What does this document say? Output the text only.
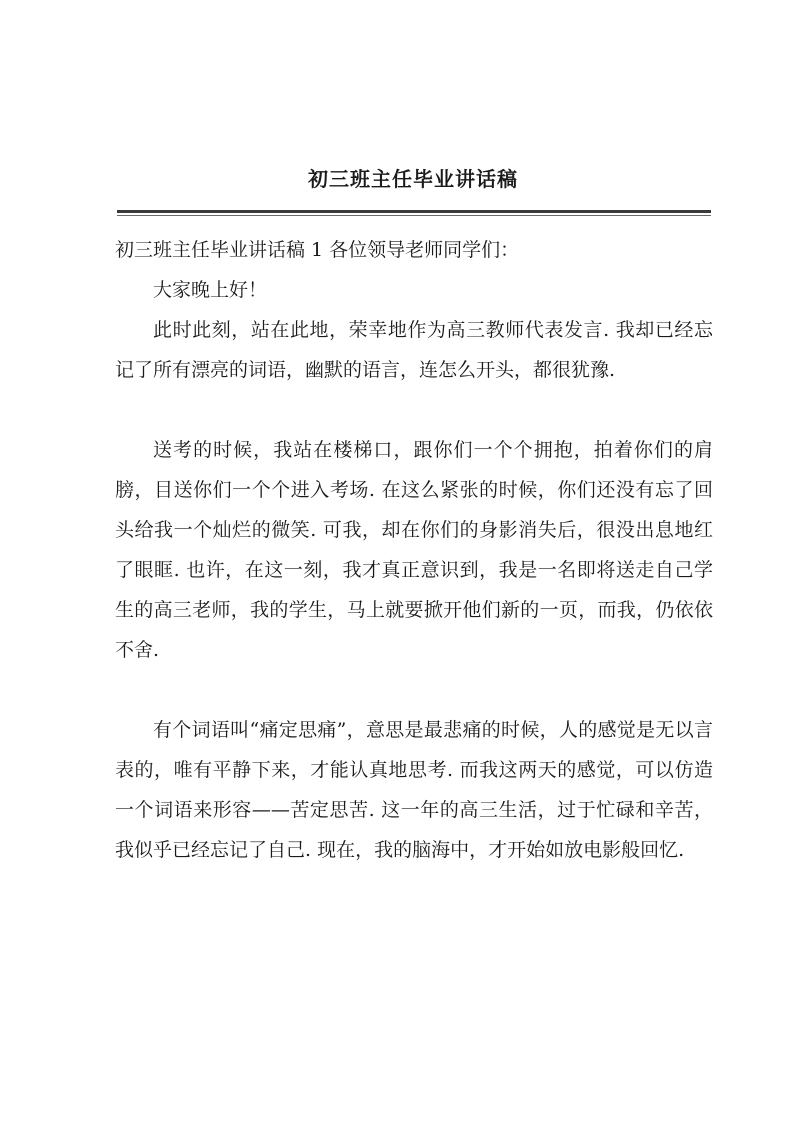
初三班主任毕业讲话稿

初三班主任毕业讲话稿 1 各位领导老师同学们：

大家晚上好！

此时此刻，站在此地，荣幸地作为高三教师代表发言. 我却已经忘记了所有漂亮的词语，幽默的语言，连怎么开头，都很犹豫.

送考的时候，我站在楼梯口，跟你们一个个拥抱，拍着你们的肩膀，目送你们一个个进入考场. 在这么紧张的时候，你们还没有忘了回头给我一个灿烂的微笑. 可我，却在你们的身影消失后，很没出息地红了眼眶. 也许，在这一刻，我才真正意识到，我是一名即将送走自己学生的高三老师，我的学生，马上就要掀开他们新的一页，而我，仍依依不舍.

有个词语叫“痛定思痛”，意思是最悲痛的时候，人的感觉是无以言表的，唯有平静下来，才能认真地思考. 而我这两天的感觉，可以仿造一个词语来形容——苦定思苦. 这一年的高三生活，过于忙碌和辛苦，我似乎已经忘记了自己. 现在，我的脑海中，才开始如放电影般回忆.
